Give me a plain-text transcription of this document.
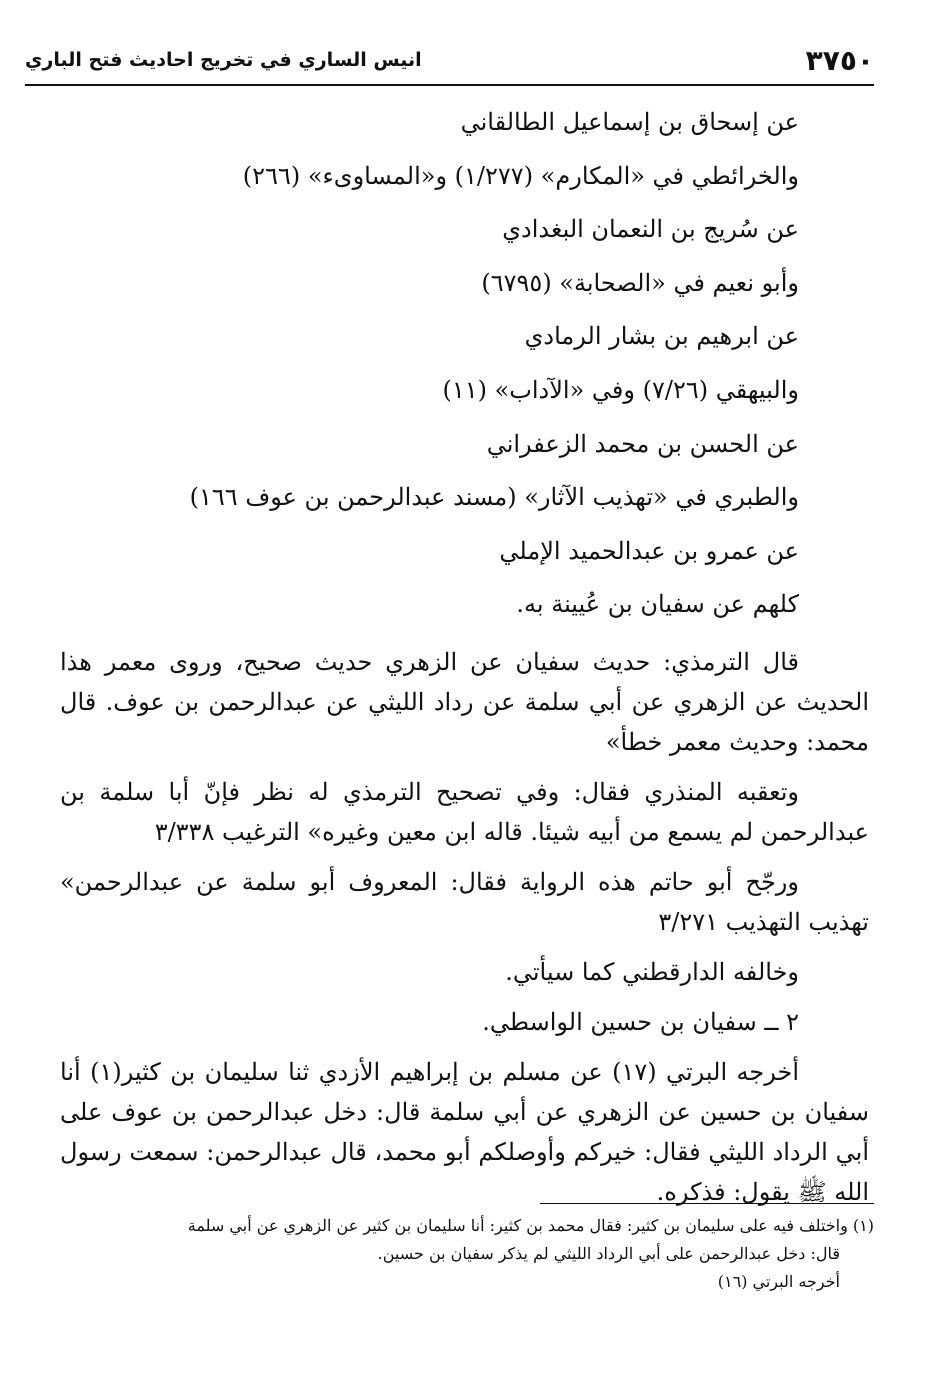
٣٧٥٠
انيس الساري في تخريج احاديث فتح الباري
عن إسحاق بن إسماعيل الطالقاني
والخرائطي في «المكارم» (١/٢٧٧) و«المساوىء» (٢٦٦)
عن سُريج بن النعمان البغدادي
وأبو نعيم في «الصحابة» (٦٧٩٥)
عن ابرهيم بن بشار الرمادي
والبيهقي (٧/٢٦) وفي «الآداب» (١١)
عن الحسن بن محمد الزعفراني
والطبري في «تهذيب الآثار» (مسند عبدالرحمن بن عوف ١٦٦)
عن عمرو بن عبدالحميد الإملي
كلهم عن سفيان بن عُيينة به.
قال الترمذي: حديث سفيان عن الزهري حديث صحيح، وروى معمر هذا الحديث عن الزهري عن أبي سلمة عن رداد الليثي عن عبدالرحمن بن عوف. قال محمد: وحديث معمر خطأ»
وتعقبه المنذري فقال: وفي تصحيح الترمذي له نظر فإنّ أبا سلمة بن عبدالرحمن لم يسمع من أبيه شيئا. قاله ابن معين وغيره» الترغيب ٣/٣٣٨
ورجّح أبو حاتم هذه الرواية فقال: المعروف أبو سلمة عن عبدالرحمن» تهذيب التهذيب ٣/٢٧١
وخالفه الدارقطني كما سيأتي.
٢ ــ سفيان بن حسين الواسطي.
أخرجه البرتي (١٧) عن مسلم بن إبراهيم الأزدي ثنا سليمان بن كثير(١) أنا سفيان بن حسين عن الزهري عن أبي سلمة قال: دخل عبدالرحمن بن عوف على أبي الرداد الليثي فقال: خيركم وأوصلكم أبو محمد، قال عبدالرحمن: سمعت رسول الله ﷺ يقول: فذكره.
(١) واختلف فيه على سليمان بن كثير: فقال محمد بن كثير: أنا سليمان بن كثير عن الزهري عن أبي سلمة
قال: دخل عبدالرحمن على أبي الرداد الليثي لم يذكر سفيان بن حسين.
أخرجه البرتي (١٦)
